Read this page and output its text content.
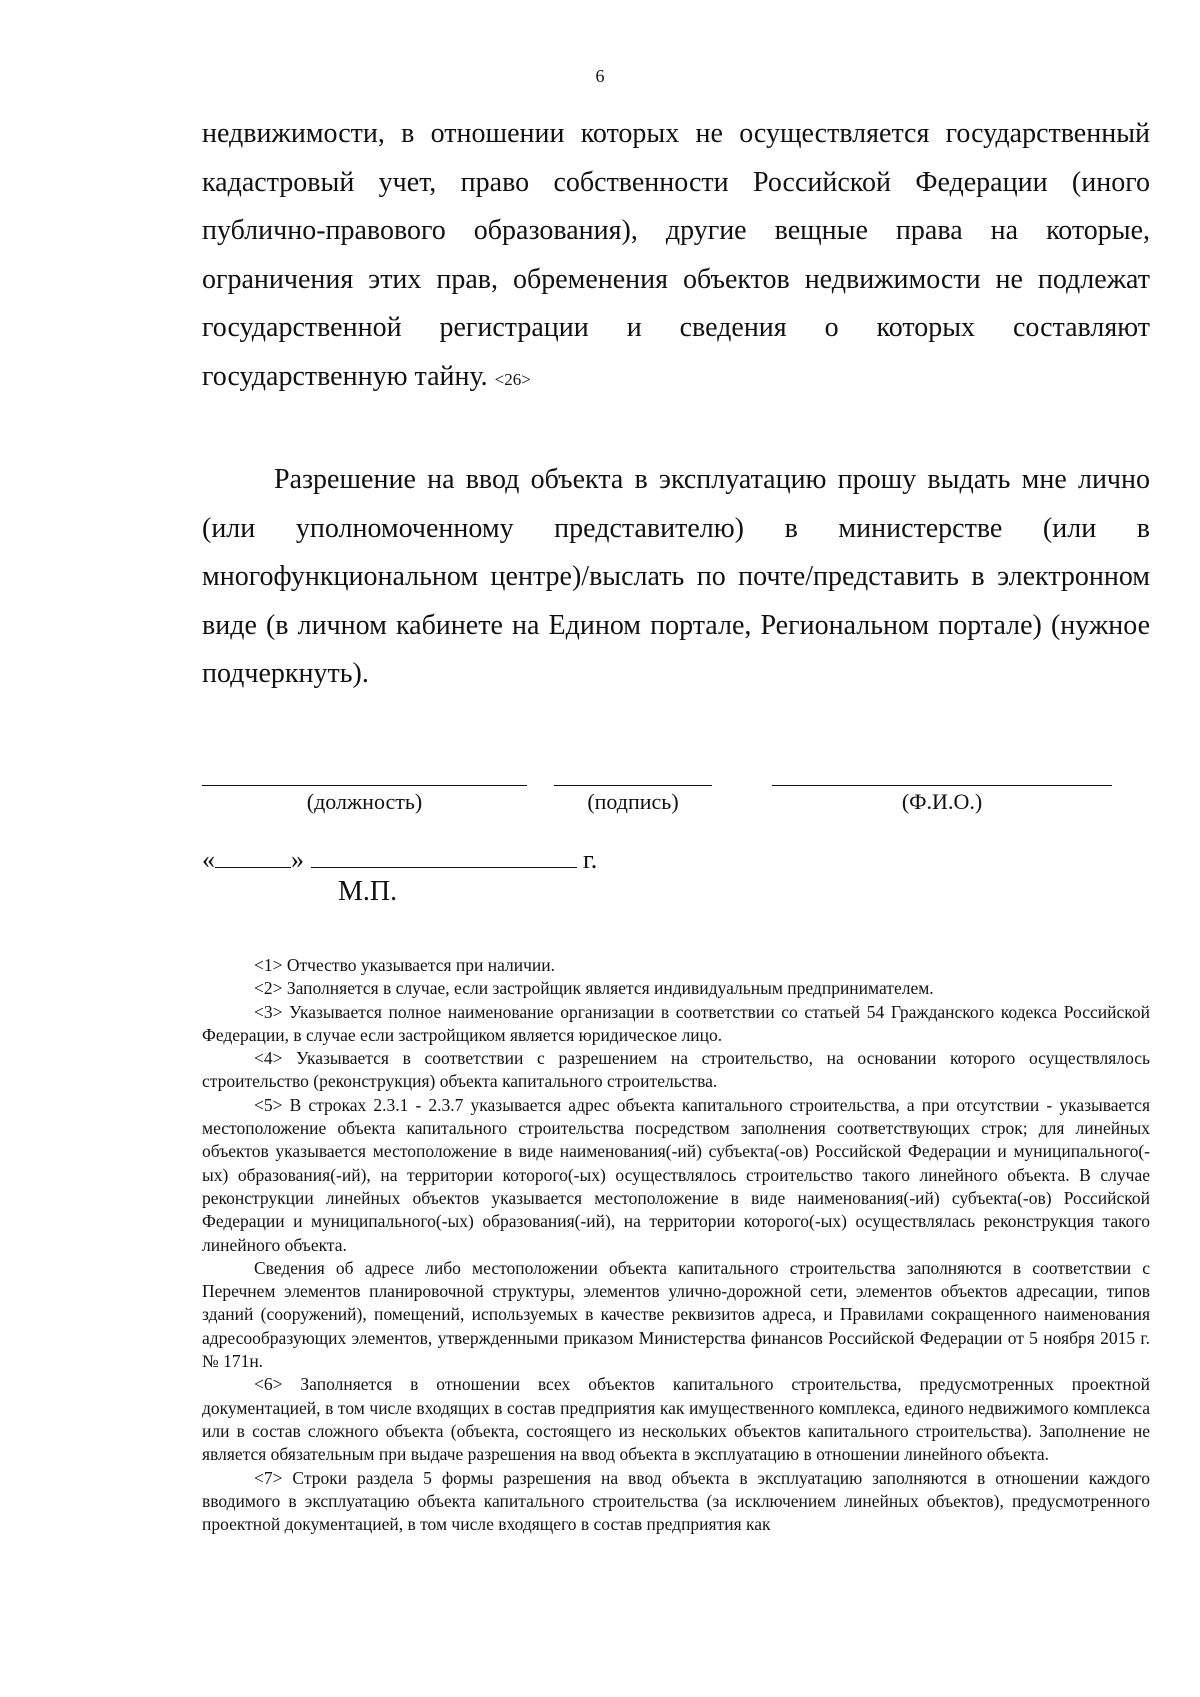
6

недвижимости, в отношении которых не осуществляется государственный кадастровый учет, право собственности Российской Федерации (иного публично-правового образования), другие вещные права на которые, ограничения этих прав, обременения объектов недвижимости не подлежат государственной регистрации и сведения о которых составляют государственную тайну. <26>

Разрешение на ввод объекта в эксплуатацию прошу выдать мне лично (или уполномоченному представителю) в министерстве (или в многофункциональном центре)/выслать по почте/представить в электронном виде (в личном кабинете на Едином портале, Региональном портале) (нужное подчеркнуть).

(должность)	(подпись)	(Ф.И.О.)
«	»	г.
М.П.

<1> Отчество указывается при наличии.

<2> Заполняется в случае, если застройщик является индивидуальным предпринимателем.

<3> Указывается полное наименование организации в соответствии со статьей 54 Гражданского кодекса Российской Федерации, в случае если застройщиком является юридическое лицо.

<4> Указывается в соответствии с разрешением на строительство, на основании которого осуществлялось строительство (реконструкция) объекта капитального строительства.

<5> В строках 2.3.1 - 2.3.7 указывается адрес объекта капитального строительства, а при отсутствии - указывается местоположение объекта капитального строительства посредством заполнения соответствующих строк; для линейных объектов указывается местоположение в виде наименования(-ий) субъекта(-ов) Российской Федерации и муниципального(-ых) образования(-ий), на территории которого(-ых) осуществлялось строительство такого линейного объекта. В случае реконструкции линейных объектов указывается местоположение в виде наименования(-ий) субъекта(-ов) Российской Федерации и муниципального(-ых) образования(-ий), на территории которого(-ых) осуществлялась реконструкция такого линейного объекта.

Сведения об адресе либо местоположении объекта капитального строительства заполняются в соответствии с Перечнем элементов планировочной структуры, элементов улично-дорожной сети, элементов объектов адресации, типов зданий (сооружений), помещений, используемых в качестве реквизитов адреса, и Правилами сокращенного наименования адресообразующих элементов, утвержденными приказом Министерства финансов Российской Федерации от 5 ноября 2015 г. № 171н.

<6> Заполняется в отношении всех объектов капитального строительства, предусмотренных проектной документацией, в том числе входящих в состав предприятия как имущественного комплекса, единого недвижимого комплекса или в состав сложного объекта (объекта, состоящего из нескольких объектов капитального строительства). Заполнение не является обязательным при выдаче разрешения на ввод объекта в эксплуатацию в отношении линейного объекта.

<7> Строки раздела 5 формы разрешения на ввод объекта в эксплуатацию заполняются в отношении каждого вводимого в эксплуатацию объекта капитального строительства (за исключением линейных объектов), предусмотренного проектной документацией, в том числе входящего в состав предприятия как
